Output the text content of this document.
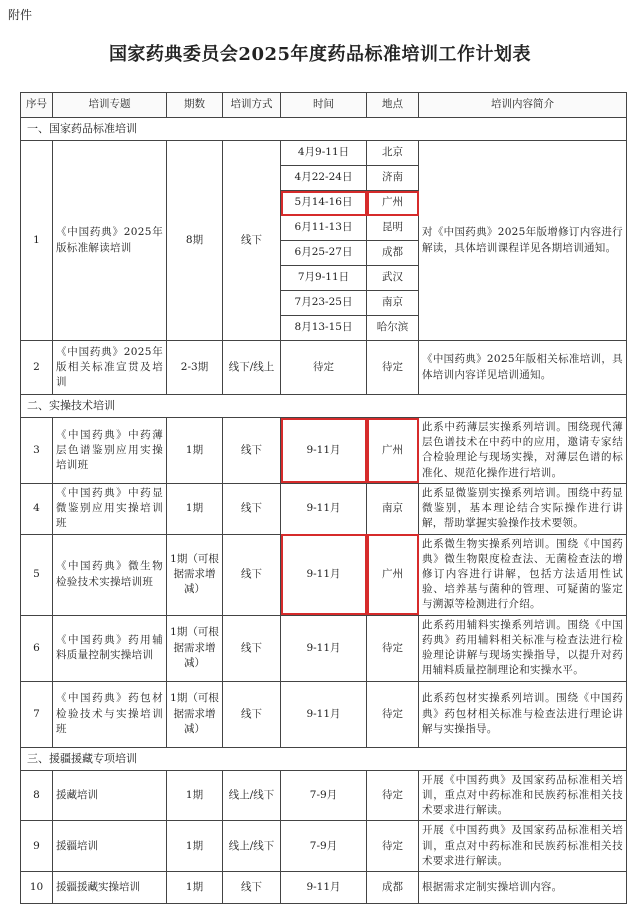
附件
国家药典委员会2025年度药品标准培训工作计划表
序号	培训专题	期数	培训方式	时间	地点	培训内容简介
一、国家药品标准培训						
1	《中国药典》2025年版标准解读培训	8期	线下	4月9-11日	北京	对《中国药典》2025年版增修订内容进行解读，具体培训课程详见各期培训通知。
				4月22-24日	济南	
				5月14-16日	广州	
				6月11-13日	昆明	
				6月25-27日	成都	
				7月9-11日	武汉	
				7月23-25日	南京	
				8月13-15日	哈尔滨	
2	《中国药典》2025年版相关标准宣贯及培训	2-3期	线下/线上	待定	待定	《中国药典》2025年版相关标准培训，具体培训内容详见培训通知。
二、实操技术培训						
3	《中国药典》中药薄层色谱鉴别应用实操培训班	1期	线下	9-11月	广州	此系中药薄层实操系列培训。围绕现代薄层色谱技术在中药中的应用，邀请专家结合检验理论与现场实操，对薄层色谱的标准化、规范化操作进行培训。
4	《中国药典》中药显微鉴别应用实操培训班	1期	线下	9-11月	南京	此系显微鉴别实操系列培训。围绕中药显微鉴别，基本理论结合实际操作进行讲解，帮助掌握实验操作技术要领。
5	《中国药典》微生物检验技术实操培训班	1期（可根据需求增减）	线下	9-11月	广州	此系微生物实操系列培训。围绕《中国药典》微生物限度检查法、无菌检查法的增修订内容进行讲解，包括方法适用性试验、培养基与菌种的管理、可疑菌的鉴定与溯源等检测进行介绍。
6	《中国药典》药用辅料质量控制实操培训	1期（可根据需求增减）	线下	9-11月	待定	此系药用辅料实操系列培训。围绕《中国药典》药用辅料相关标准与检查法进行检验理论讲解与现场实操指导，以提升对药用辅料质量控制理论和实操水平。
7	《中国药典》药包材检验技术与实操培训班	1期（可根据需求增减）	线下	9-11月	待定	此系药包材实操系列培训。围绕《中国药典》药包材相关标准与检查法进行理论讲解与实操指导。
三、援疆援藏专项培训						
8	援藏培训	1期	线上/线下	7-9月	待定	开展《中国药典》及国家药品标准相关培训，重点对中药标准和民族药标准相关技术要求进行解读。
9	援疆培训	1期	线上/线下	7-9月	待定	开展《中国药典》及国家药品标准相关培训，重点对中药标准和民族药标准相关技术要求进行解读。
10	援疆援藏实操培训	1期	线下	9-11月	成都	根据需求定制实操培训内容。
